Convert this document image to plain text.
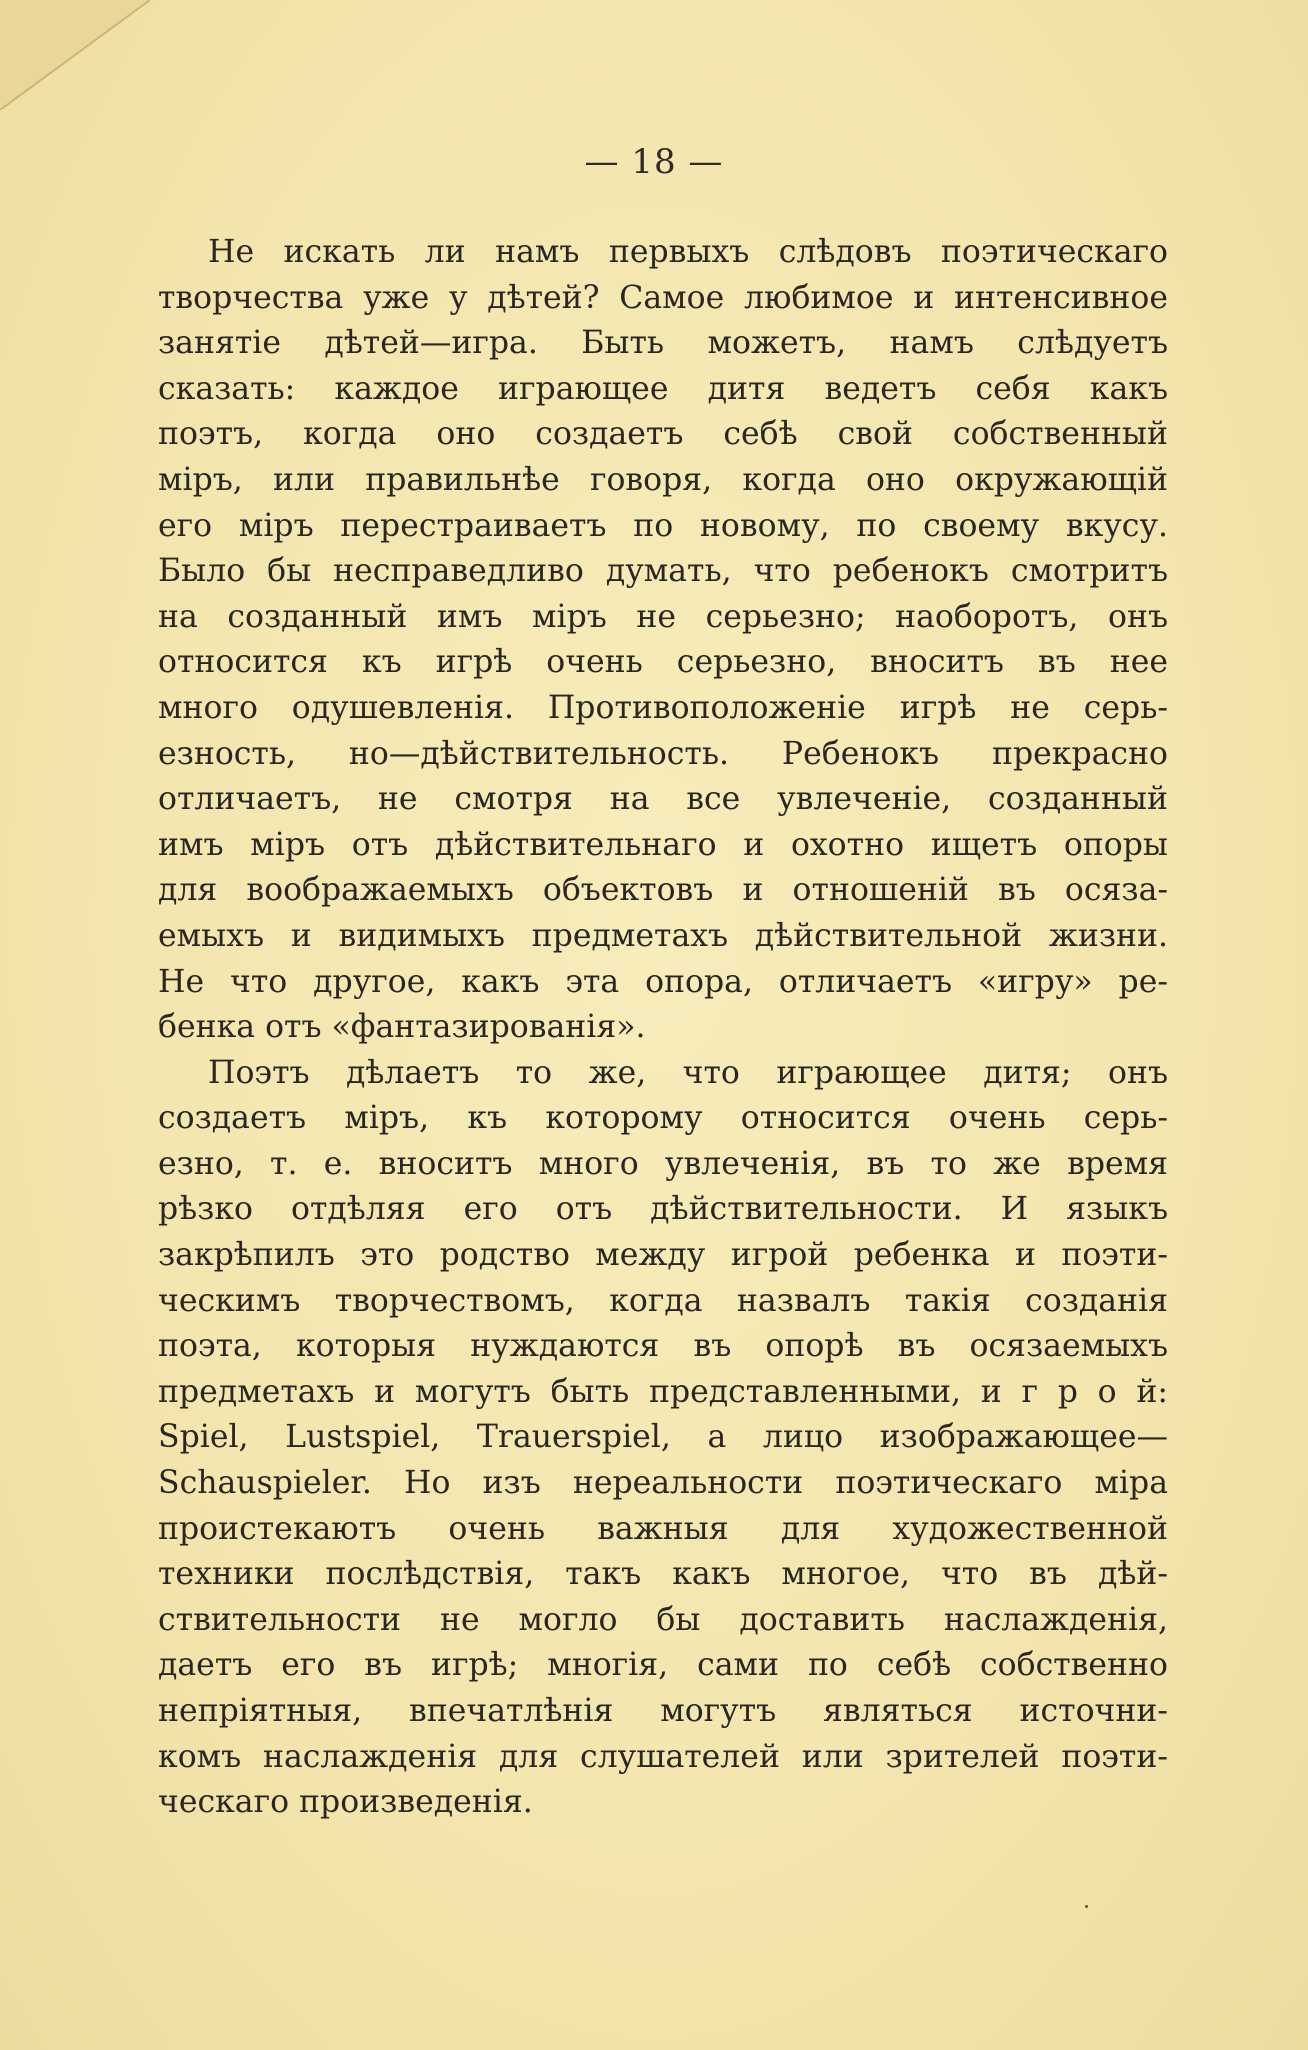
— 18 —
Не искать ли намъ первыхъ слѣдовъ поэтическаго
творчества уже у дѣтей? Самое любимое и интенсивное
занятіе дѣтей—игра. Быть можетъ, намъ слѣдуетъ
сказать: каждое играющее дитя ведетъ себя какъ
поэтъ, когда оно создаетъ себѣ свой собственный
міръ, или правильнѣе говоря, когда оно окружающій
его міръ перестраиваетъ по новому, по своему вкусу.
Было бы несправедливо думать, что ребенокъ смотритъ
на созданный имъ міръ не серьезно; наоборотъ, онъ
относится къ игрѣ очень серьезно, вноситъ въ нее
много одушевленія. Противоположеніе игрѣ не серь-
езность, но—дѣйствительность. Ребенокъ прекрасно
отличаетъ, не смотря на все увлеченіе, созданный
имъ міръ отъ дѣйствительнаго и охотно ищетъ опоры
для воображаемыхъ объектовъ и отношеній въ осяза-
емыхъ и видимыхъ предметахъ дѣйствительной жизни.
Не что другое, какъ эта опора, отличаетъ «игру» ре-
бенка отъ «фантазированія».
Поэтъ дѣлаетъ то же, что играющее дитя; онъ
создаетъ міръ, къ которому относится очень серь-
езно, т. е. вноситъ много увлеченія, въ то же время
рѣзко отдѣляя его отъ дѣйствительности. И языкъ
закрѣпилъ это родство между игрой ребенка и поэти-
ческимъ творчествомъ, когда назвалъ такія созданія
поэта, которыя нуждаются въ опорѣ въ осязаемыхъ
предметахъ и могутъ быть представленными, и г р о й:
Spiel, Lustspiel, Trauerspiel, а лицо изображающее—
Schauspieler. Но изъ нереальности поэтическаго міра
проистекаютъ очень важныя для художественной
техники послѣдствія, такъ какъ многое, что въ дѣй-
ствительности не могло бы доставить наслажденія,
даетъ его въ игрѣ; многія, сами по себѣ собственно
непріятныя, впечатлѣнія могутъ являться источни-
комъ наслажденія для слушателей или зрителей поэти-
ческаго произведенія.
